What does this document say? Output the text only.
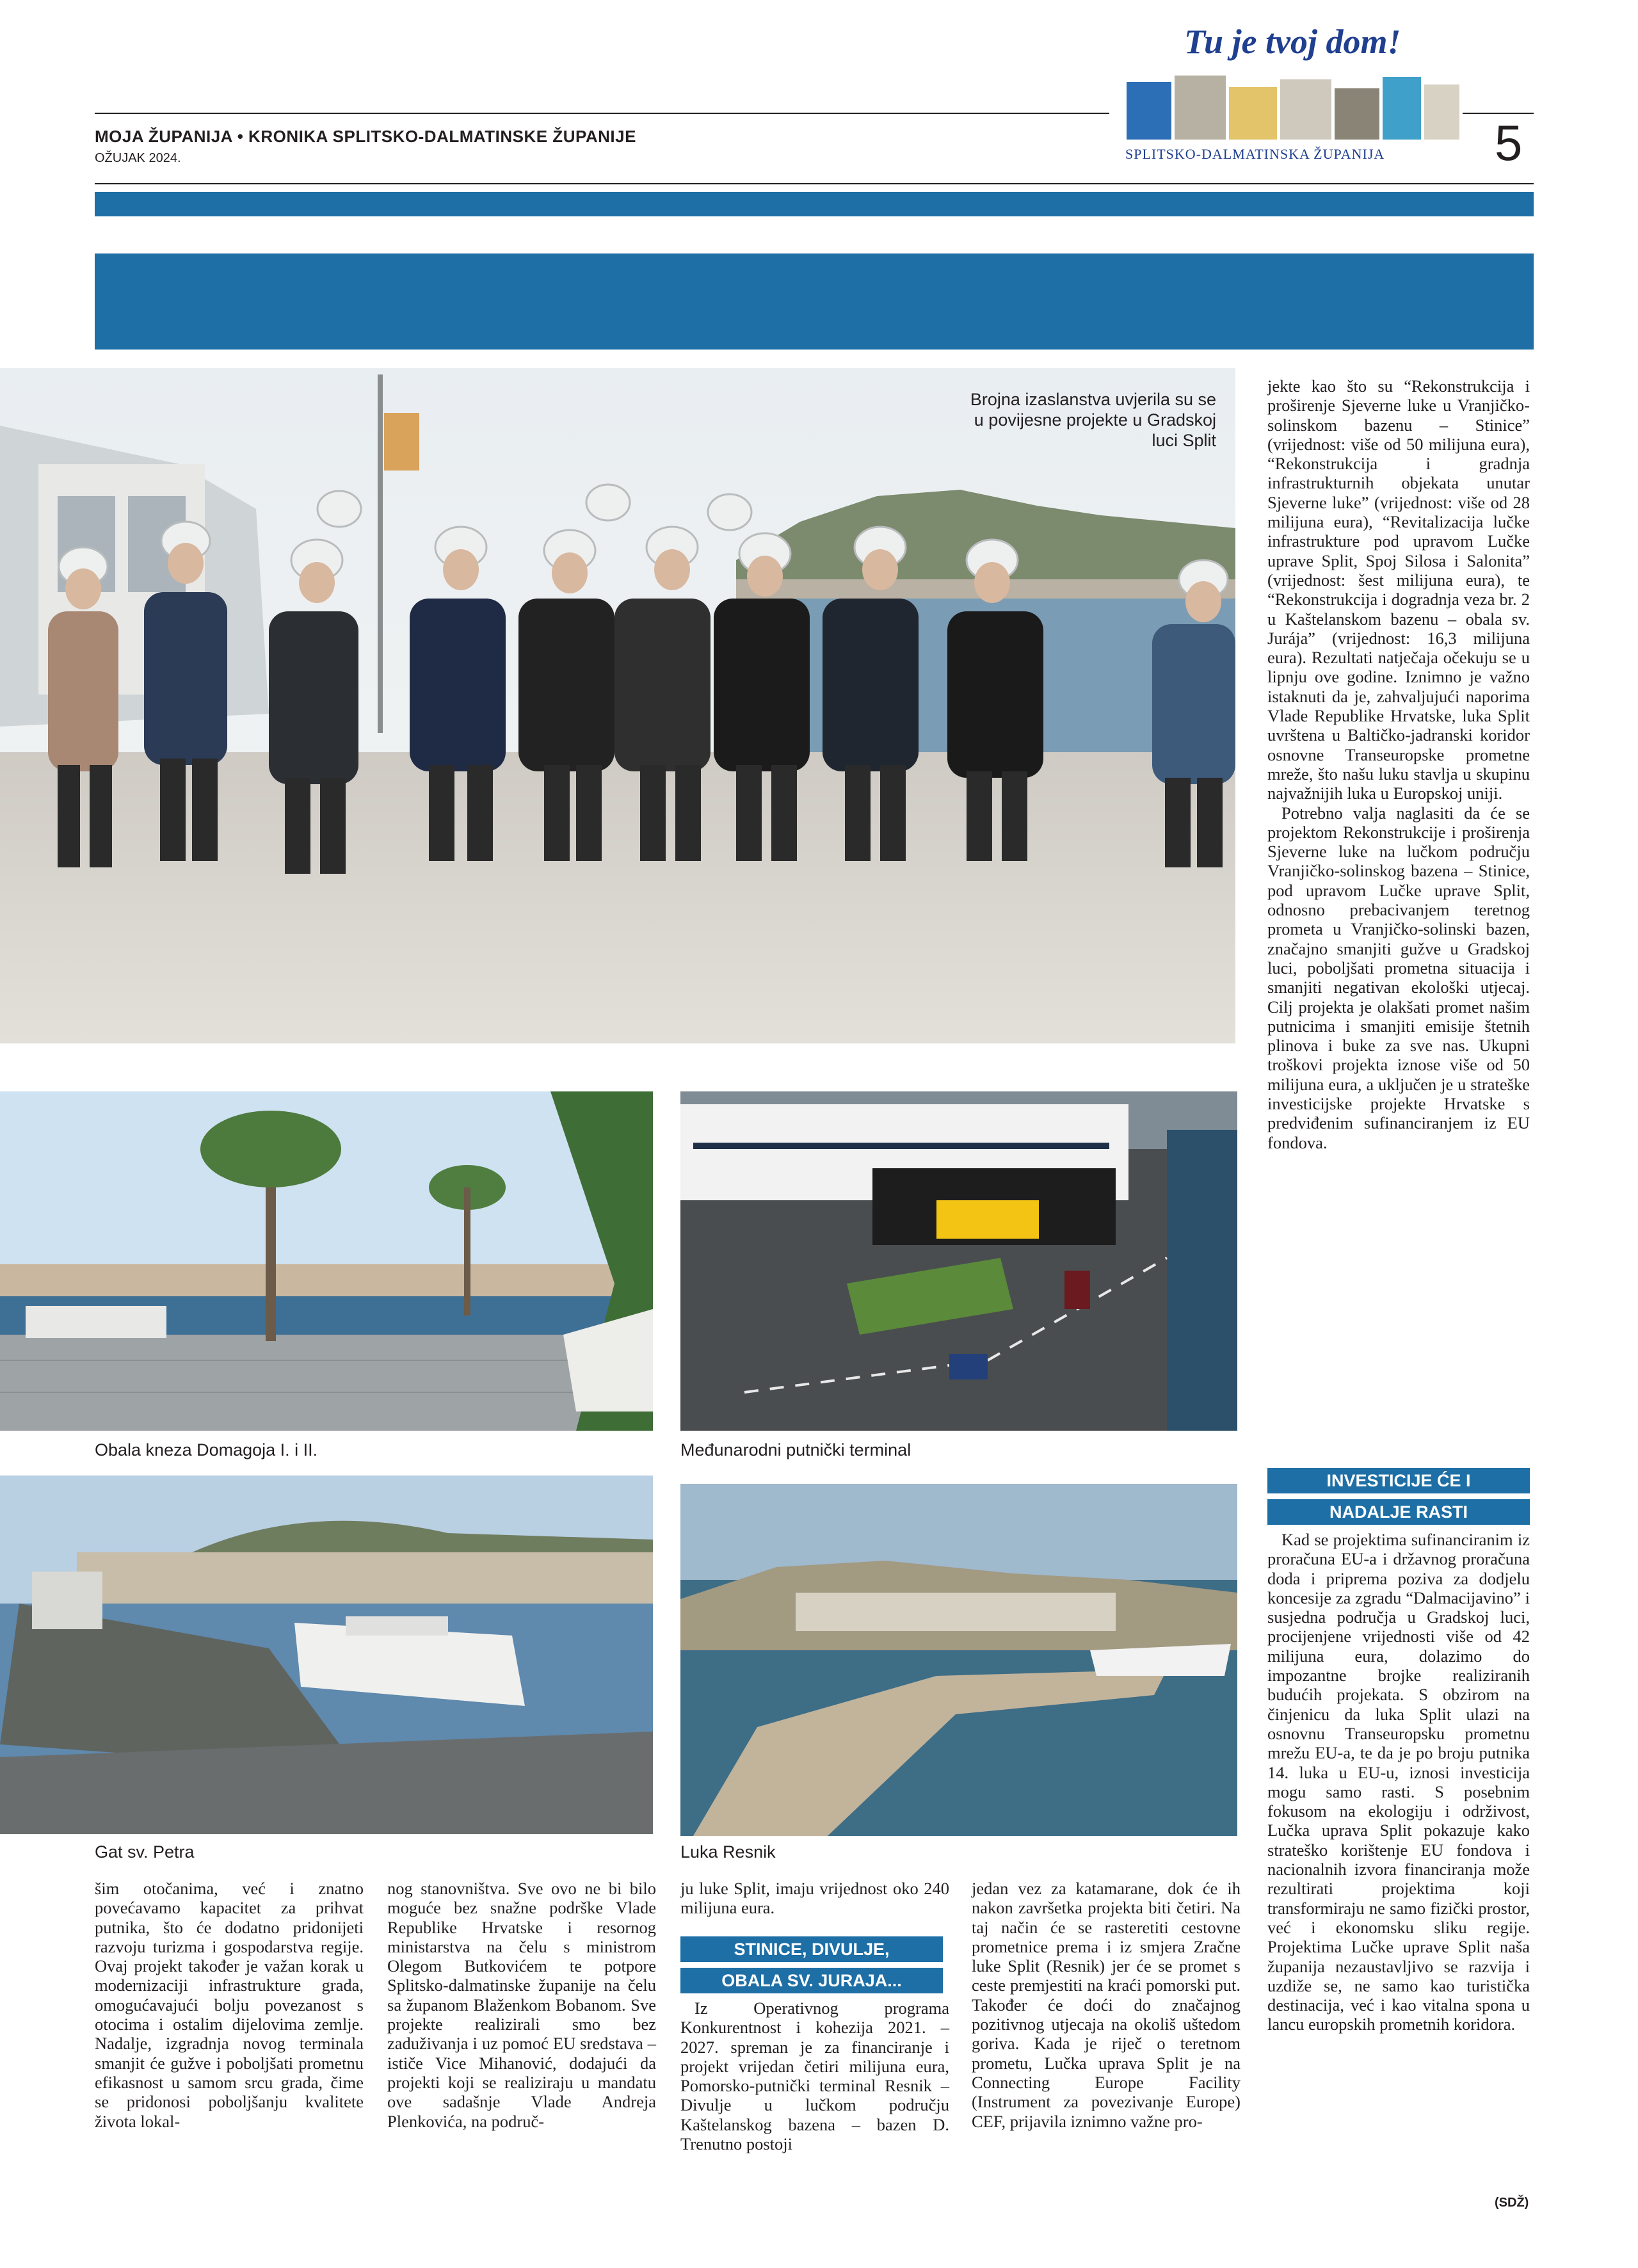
MOJA ŽUPANIJA • KRONIKA SPLITSKO-DALMATINSKE ŽUPANIJE
OŽUJAK 2024.
Tu je tvoj dom!
SPLITSKO-DALMATINSKA ŽUPANIJA 5
Brojna izaslanstva uvjerila su se u povijesne projekte u Gradskoj luci Split
Obala kneza Domagoja I. i II.	Međunarodni putnički terminal
Gat sv. Petra	Luka Resnik

jekte kao što su “Rekonstrukcija i proširenje Sjeverne luke u Vranjičko-solinskom bazenu – Stinice” (vrijednost: više od 50 milijuna eura), “Rekonstrukcija i gradnja infrastrukturnih objekata unutar Sjeverne luke” (vrijednost: više od 28 milijuna eura), “Revitalizacija lučke infrastrukture pod upravom Lučke uprave Split, Spoj Silosa i Salonita” (vrijednost: šest milijuna eura), te “Rekonstrukcija i dogradnja veza br. 2 u Kaštelanskom bazenu – obala sv. Jurája” (vrijednost: 16,3 milijuna eura). Rezultati natječaja očekuju se u lipnju ove godine. Iznimno je važno istaknuti da je, zahvaljujući naporima Vlade Republike Hrvatske, luka Split uvrštena u Baltičko-jadranski koridor osnovne Transeuropske prometne mreže, što našu luku stavlja u skupinu najvažnijih luka u Europskoj uniji.

Potrebno valja naglasiti da će se projektom Rekonstrukcije i proširenja Sjeverne luke na lučkom području Vranjičko-solinskog bazena – Stinice, pod upravom Lučke uprave Split, odnosno prebacivanjem teretnog prometa u Vranjičko-solinski bazen, značajno smanjiti gužve u Gradskoj luci, poboljšati prometna situacija i smanjiti negativan ekološki utjecaj. Cilj projekta je olakšati promet našim putnicima i smanjiti emisije štetnih plinova i buke za sve nas. Ukupni troškovi projekta iznose više od 50 milijuna eura, a uključen je u strateške investicijske projekte Hrvatske s predviđenim sufinanciranjem iz EU fondova.

INVESTICIJE ĆE I
NADALJE RASTI

Kad se projektima sufinanciranim iz proračuna EU-a i državnog proračuna doda i priprema poziva za dodjelu koncesije za zgradu “Dalmacijavino” i susjedna područja u Gradskoj luci, procijenjene vrijednosti više od 42 milijuna eura, dolazimo do impozantne brojke realiziranih budućih projekata. S obzirom na činjenicu da luka Split ulazi na osnovnu Transeuropsku prometnu mrežu EU-a, te da je po broju putnika 14. luka u EU-u, iznosi investicija mogu samo rasti. S posebnim fokusom na ekologiju i održivost, Lučka uprava Split pokazuje kako strateško korištenje EU fondova i nacionalnih izvora financiranja može rezultirati projektima koji transformiraju ne samo fizički prostor, već i ekonomsku sliku regije. Projektima Lučke uprave Split naša županija nezaustavljivo se razvija i uzdiže se, ne samo kao turistička destinacija, već i kao vitalna spona u lancu europskih prometnih koridora.

(SDŽ)

šim otočanima, već i znatno povećavamo kapacitet za prihvat putnika, što će dodatno pridonijeti razvoju turizma i gospodarstva regije. Ovaj projekt također je važan korak u modernizaciji infrastrukture grada, omogućavajući bolju povezanost s otocima i ostalim dijelovima zemlje. Nadalje, izgradnja novog terminala smanjit će gužve i poboljšati prometnu efikasnost u samom srcu grada, čime se pridonosi poboljšanju kvalitete života lokal-

nog stanovništva. Sve ovo ne bi bilo moguće bez snažne podrške Vlade Republike Hrvatske i resornog ministarstva na čelu s ministrom Olegom Butkovićem te potpore Splitsko-dalmatinske županije na čelu sa županom Blaženkom Bobanom. Sve projekte realizirali smo bez zaduživanja i uz pomoć EU sredstava – ističe Vice Mihanović, dodajući da projekti koji se realiziraju u mandatu ove sadašnje Vlade Andreja Plenkovića, na područ-

ju luke Split, imaju vrijednost oko 240 milijuna eura.

STINICE, DIVULJE,
OBALA SV. JURAJA...

Iz Operativnog programa Konkurentnost i kohezija 2021. – 2027. spreman je za financiranje i projekt vrijedan četiri milijuna eura, Pomorsko-putnički terminal Resnik – Divulje u lučkom području Kaštelanskog bazena – bazen D. Trenutno postoji

jedan vez za katamarane, dok će ih nakon završetka projekta biti četiri. Na taj način će se rasteretiti cestovne prometnice prema i iz smjera Zračne luke Split (Resnik) jer će se promet s ceste premjestiti na kraći pomorski put. Također će doći do značajnog pozitivnog utjecaja na okoliš uštedom goriva. Kada je riječ o teretnom prometu, Lučka uprava Split je na Connecting Europe Facility (Instrument za povezivanje Europe) CEF, prijavila iznimno važne pro-
